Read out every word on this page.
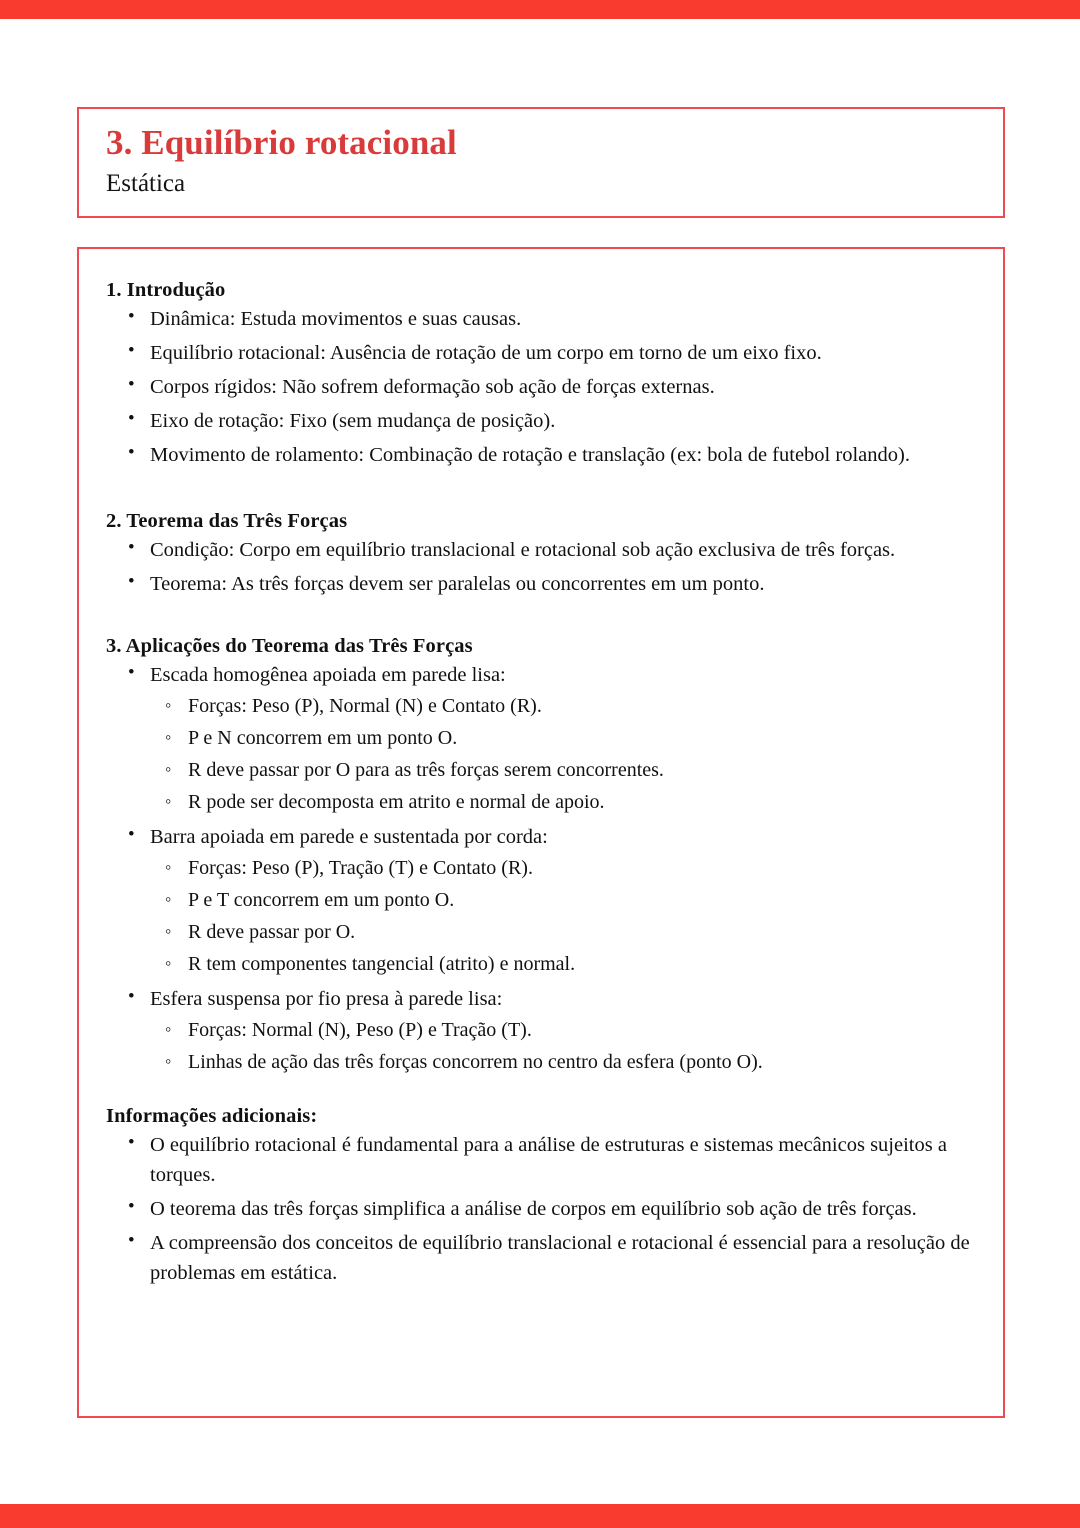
3. Equilíbrio rotacional
Estática
1. Introdução
• Dinâmica: Estuda movimentos e suas causas.
• Equilíbrio rotacional: Ausência de rotação de um corpo em torno de um eixo fixo.
• Corpos rígidos: Não sofrem deformação sob ação de forças externas.
• Eixo de rotação: Fixo (sem mudança de posição).
• Movimento de rolamento: Combinação de rotação e translação (ex: bola de futebol rolando).
2. Teorema das Três Forças
• Condição: Corpo em equilíbrio translacional e rotacional sob ação exclusiva de três forças.
• Teorema: As três forças devem ser paralelas ou concorrentes em um ponto.
3. Aplicações do Teorema das Três Forças
• Escada homogênea apoiada em parede lisa:
◦ Forças: Peso (P), Normal (N) e Contato (R).
◦ P e N concorrem em um ponto O.
◦ R deve passar por O para as três forças serem concorrentes.
◦ R pode ser decomposta em atrito e normal de apoio.
• Barra apoiada em parede e sustentada por corda:
◦ Forças: Peso (P), Tração (T) e Contato (R).
◦ P e T concorrem em um ponto O.
◦ R deve passar por O.
◦ R tem componentes tangencial (atrito) e normal.
• Esfera suspensa por fio presa à parede lisa:
◦ Forças: Normal (N), Peso (P) e Tração (T).
◦ Linhas de ação das três forças concorrem no centro da esfera (ponto O).
Informações adicionais:
• O equilíbrio rotacional é fundamental para a análise de estruturas e sistemas mecânicos sujeitos a torques.
• O teorema das três forças simplifica a análise de corpos em equilíbrio sob ação de três forças.
• A compreensão dos conceitos de equilíbrio translacional e rotacional é essencial para a resolução de problemas em estática.
